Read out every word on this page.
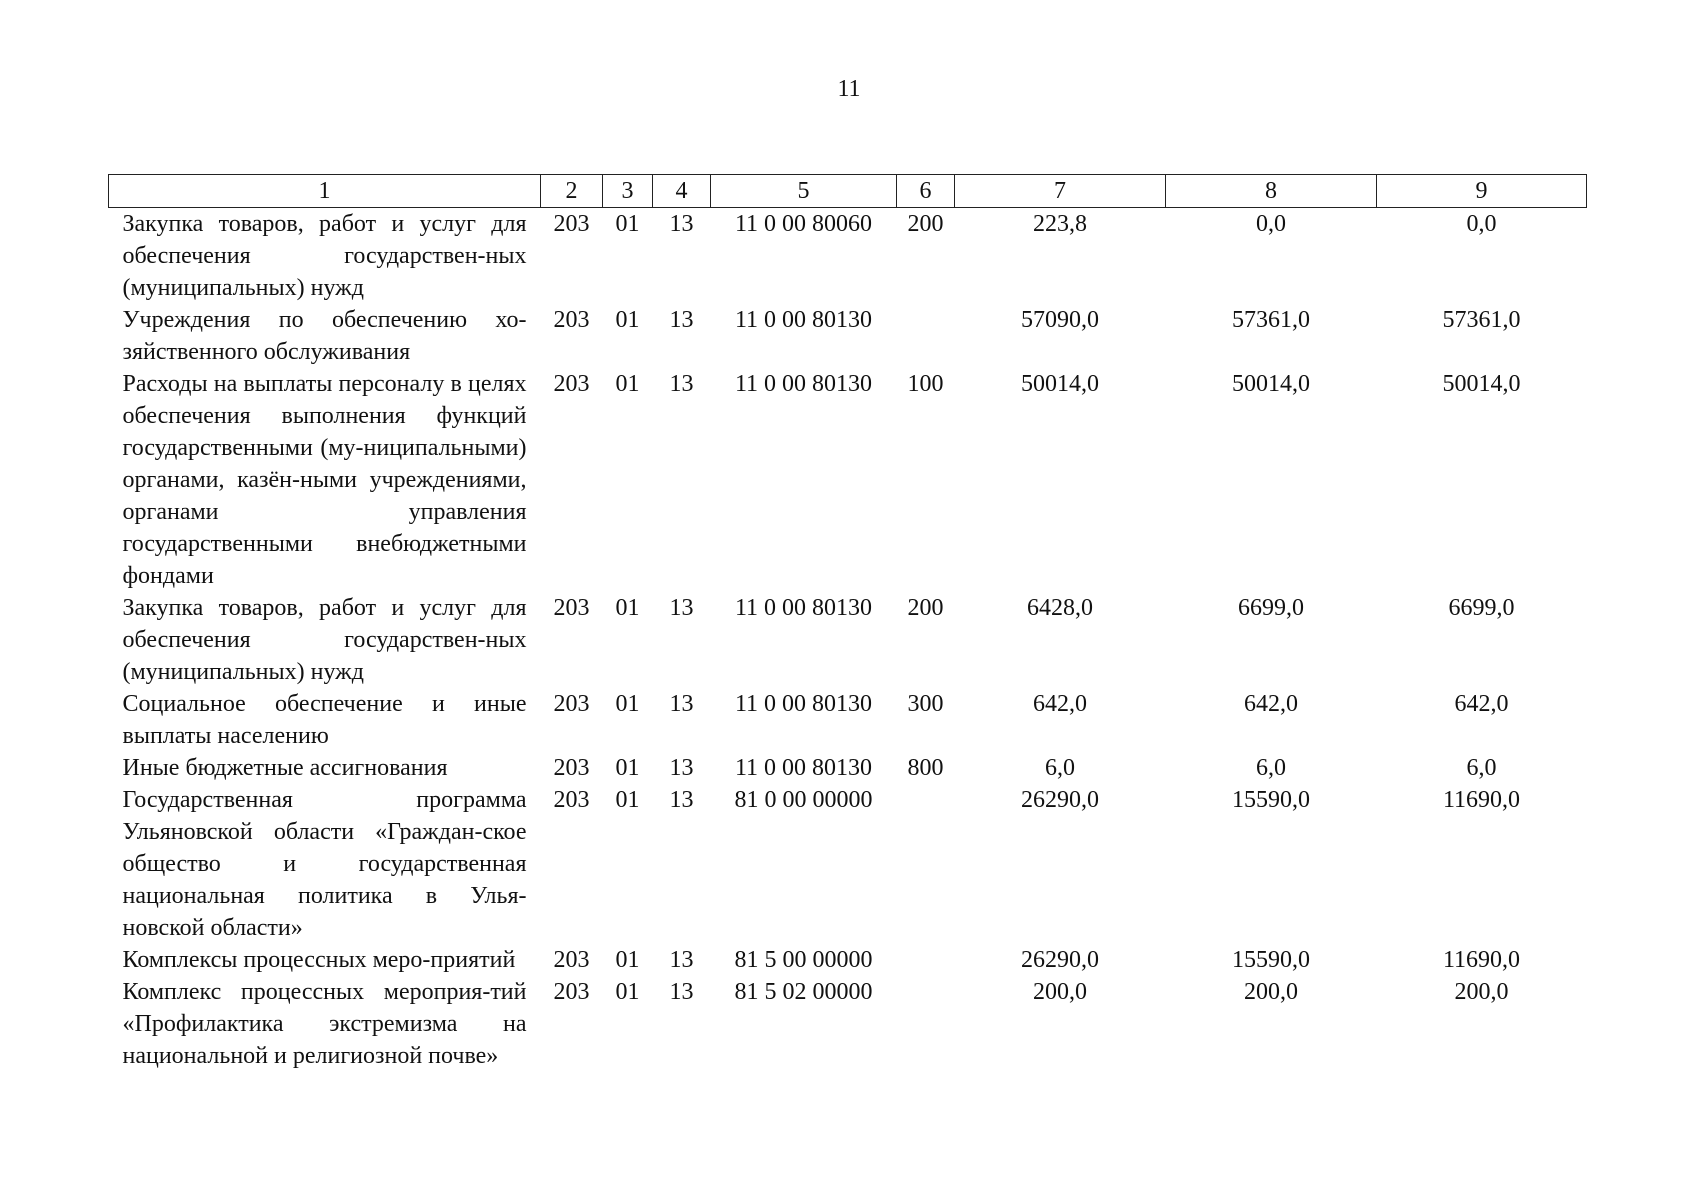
11
1	2	3	4	5	6	7	8	9
Закупка товаров, работ и услуг для обеспечения государствен-ных (муниципальных) нужд	203	01	13	11 0 00 80060	200	223,8	0,0	0,0
Учреждения по обеспечению хо-зяйственного обслуживания	203	01	13	11 0 00 80130		57090,0	57361,0	57361,0
Расходы на выплаты персоналу в целях обеспечения выполнения функций государственными (му-ниципальными) органами, казён-ными учреждениями, органами управления государственными внебюджетными фондами	203	01	13	11 0 00 80130	100	50014,0	50014,0	50014,0
Закупка товаров, работ и услуг для обеспечения государствен-ных (муниципальных) нужд	203	01	13	11 0 00 80130	200	6428,0	6699,0	6699,0
Социальное обеспечение и иные выплаты населению	203	01	13	11 0 00 80130	300	642,0	642,0	642,0
Иные бюджетные ассигнования	203	01	13	11 0 00 80130	800	6,0	6,0	6,0
Государственная программа Ульяновской области «Граждан-ское общество и государственная национальная политика в Улья-новской области»	203	01	13	81 0 00 00000		26290,0	15590,0	11690,0
Комплексы процессных меро-приятий	203	01	13	81 5 00 00000		26290,0	15590,0	11690,0
Комплекс процессных мероприя-тий «Профилактика экстремизма на национальной и религиозной почве»	203	01	13	81 5 02 00000		200,0	200,0	200,0
